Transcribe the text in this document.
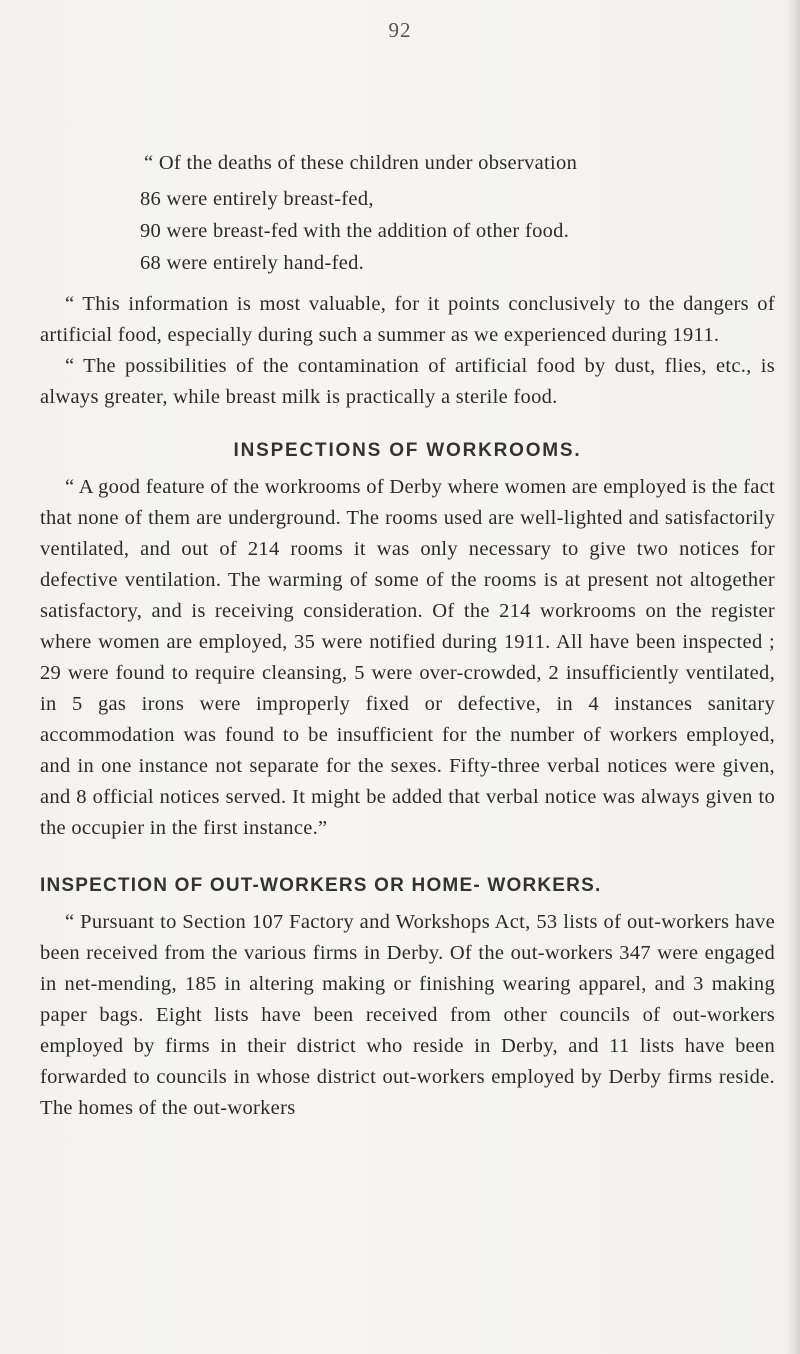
92

“ Of the deaths of these children under observation

86 were entirely breast-fed,
90 were breast-fed with the addition of other food.
68 were entirely hand-fed.

“ This information is most valuable, for it points conclusively to the dangers of artificial food, especially during such a summer as we experienced during 1911.

“ The possibilities of the contamination of artificial food by dust, flies, etc., is always greater, while breast milk is practically a sterile food.

INSPECTIONS OF WORKROOMS.

“ A good feature of the workrooms of Derby where women are employed is the fact that none of them are underground. The rooms used are well-lighted and satisfactorily ventilated, and out of 214 rooms it was only necessary to give two notices for defective ventilation. The warming of some of the rooms is at present not altogether satisfactory, and is receiving consideration. Of the 214 workrooms on the register where women are employed, 35 were notified during 1911. All have been inspected ; 29 were found to require cleansing, 5 were over-crowded, 2 insufficiently ventilated, in 5 gas irons were improperly fixed or defective, in 4 instances sanitary accommodation was found to be insufficient for the number of workers employed, and in one instance not separate for the sexes. Fifty-three verbal notices were given, and 8 official notices served. It might be added that verbal notice was always given to the occupier in the first instance.”

INSPECTION OF OUT-WORKERS OR HOME- WORKERS.

“ Pursuant to Section 107 Factory and Workshops Act, 53 lists of out-workers have been received from the various firms in Derby. Of the out-workers 347 were engaged in net-mending, 185 in altering making or finishing wearing apparel, and 3 making paper bags. Eight lists have been received from other councils of out-workers employed by firms in their district who reside in Derby, and 11 lists have been forwarded to councils in whose district out-workers employed by Derby firms reside. The homes of the out-workers
